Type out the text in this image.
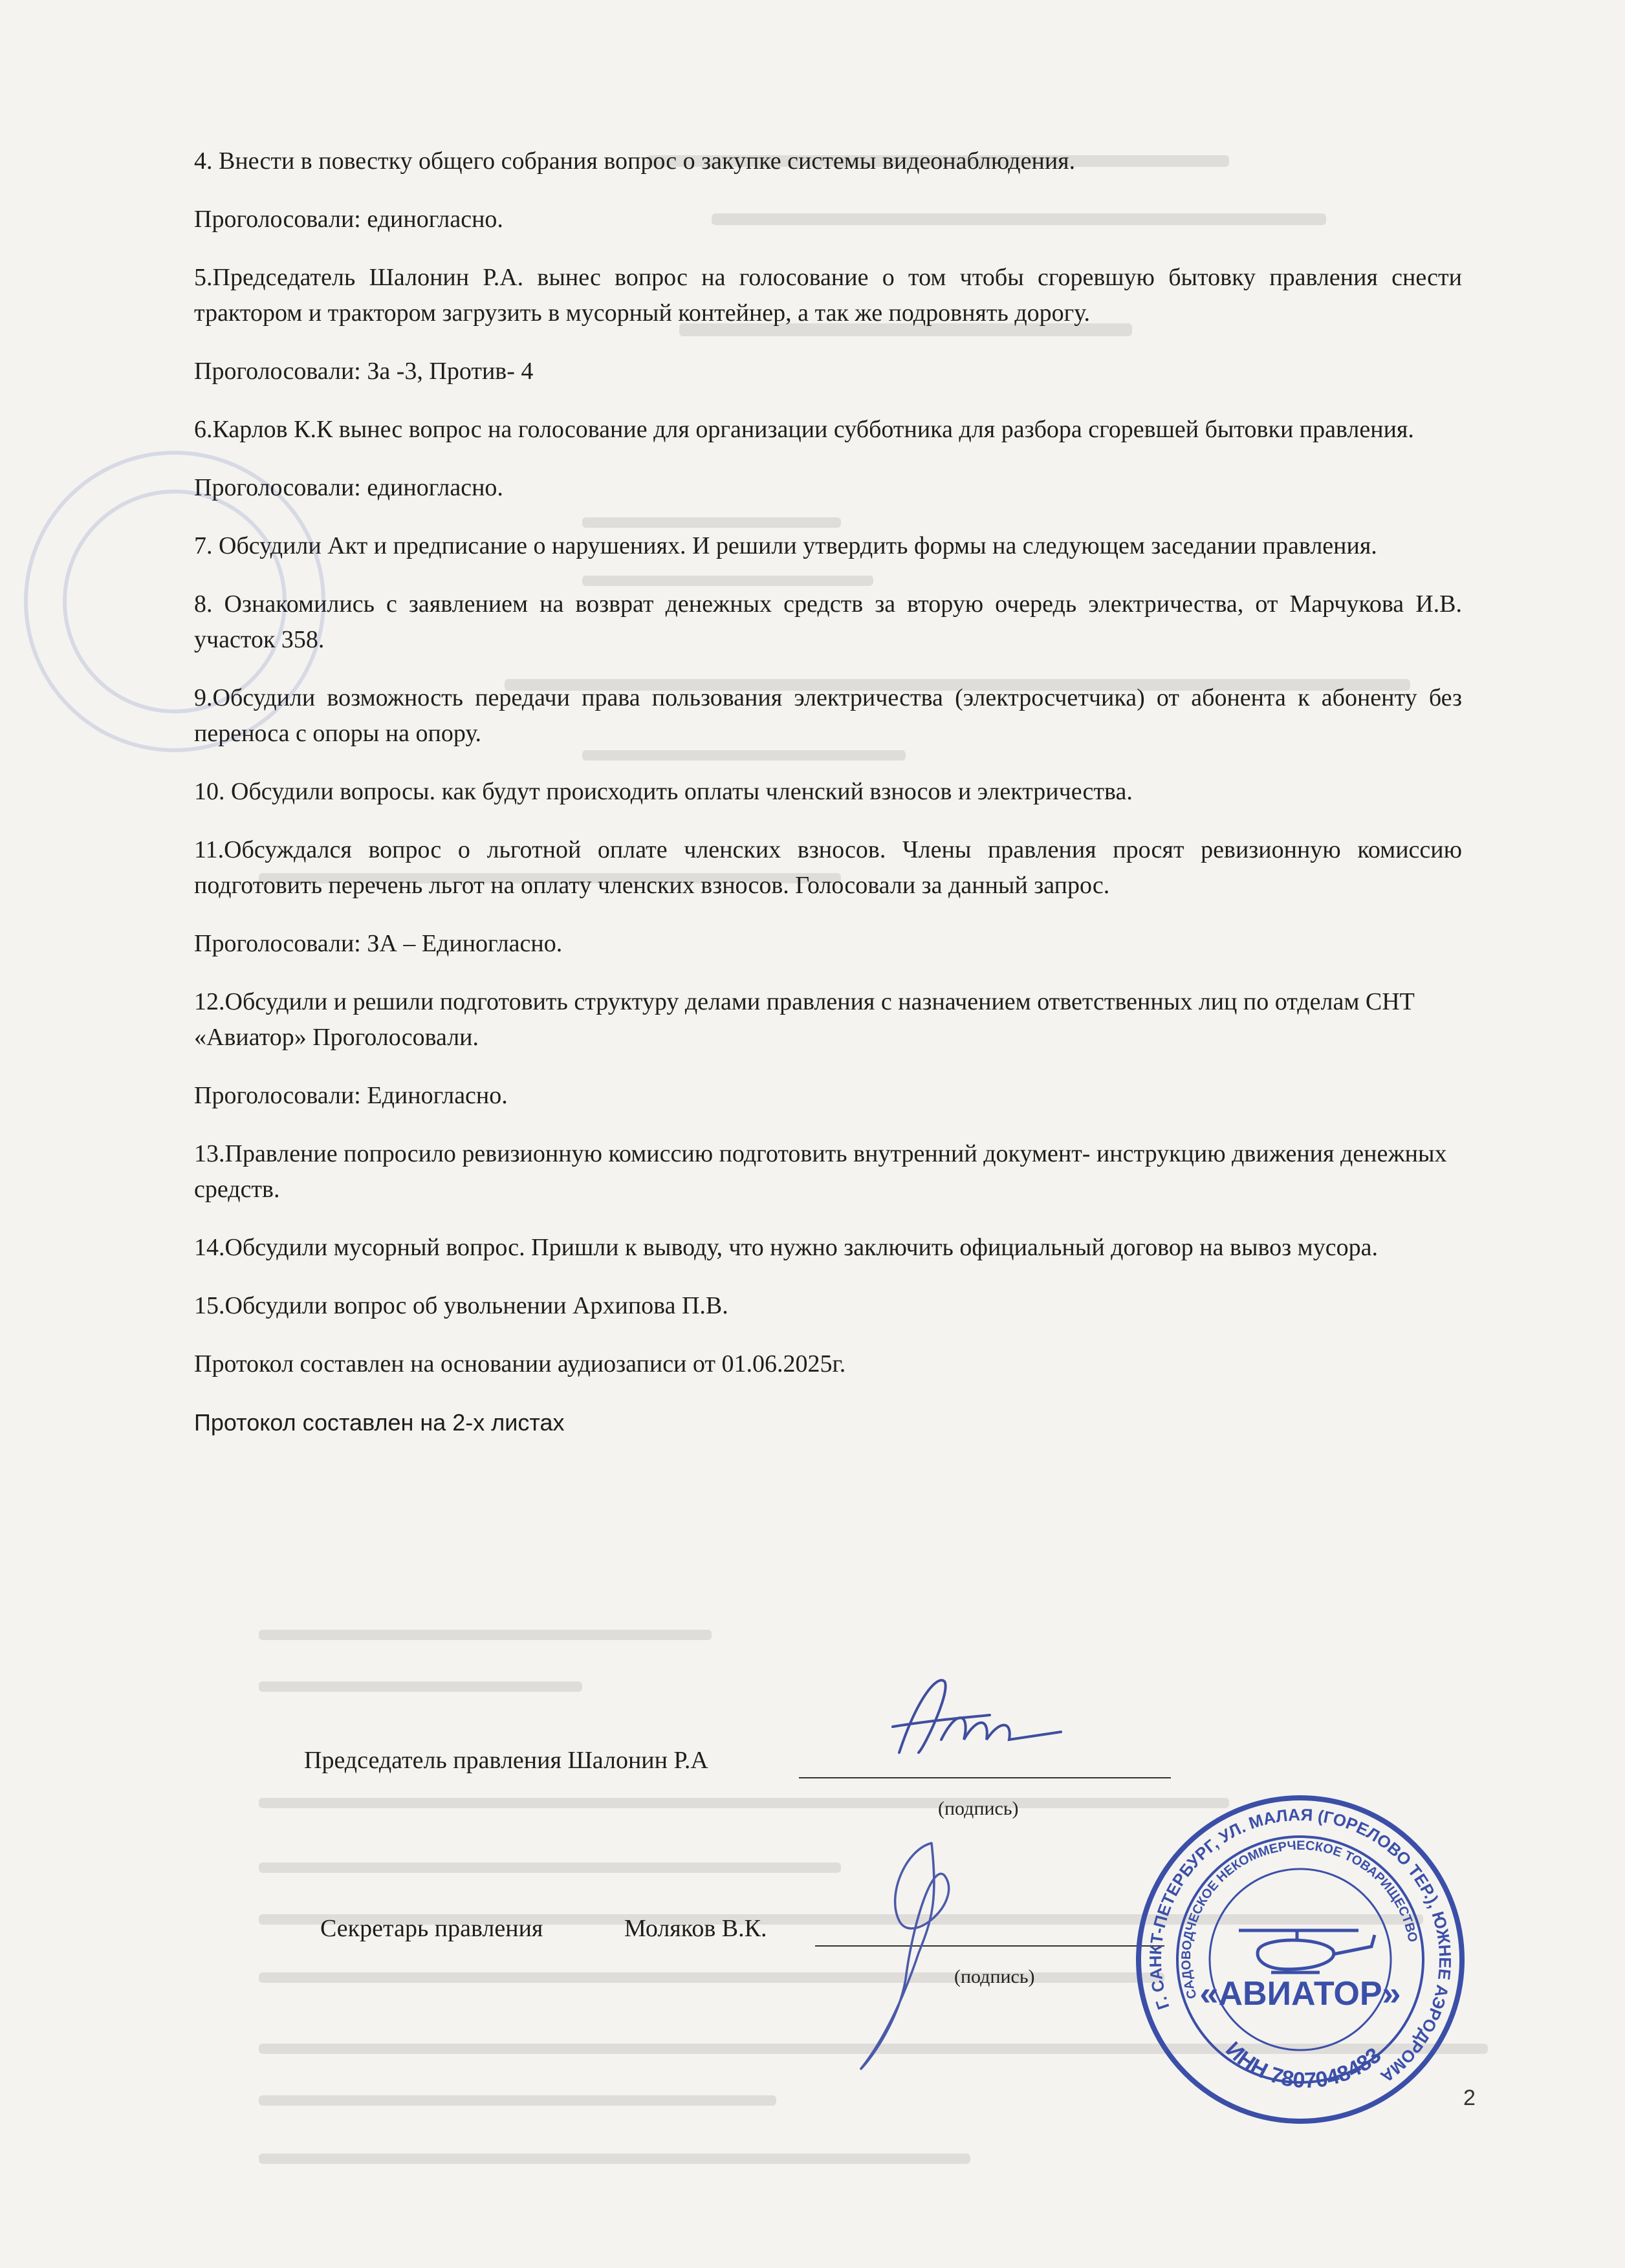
4. Внести в повестку общего собрания вопрос о закупке системы видеонаблюдения.

Проголосовали: единогласно.

5.Председатель Шалонин Р.А. вынес вопрос на голосование о том чтобы сгоревшую бытовку правления снести трактором и трактором загрузить в мусорный контейнер, а так же подровнять дорогу.

Проголосовали: За -3, Против- 4

6.Карлов К.К вынес вопрос на голосование для организации субботника для разбора сгоревшей бытовки правления.

Проголосовали: единогласно.

7. Обсудили Акт и предписание о нарушениях. И решили утвердить формы на следующем заседании правления.

8. Ознакомились с заявлением на возврат денежных средств за вторую очередь электричества, от Марчукова И.В. участок 358.

9.Обсудили возможность передачи права пользования электричества (электросчетчика) от абонента к абоненту без переноса с опоры на опору.

10. Обсудили вопросы. как будут происходить оплаты членский взносов и электричества.

11.Обсуждался вопрос о льготной оплате членских взносов. Члены правления просят ревизионную комиссию подготовить перечень льгот на оплату членских взносов. Голосовали за данный запрос.

Проголосовали: ЗА – Единогласно.

12.Обсудили и решили подготовить структуру делами правления с назначением ответственных лиц по отделам СНТ «Авиатор» Проголосовали.

Проголосовали: Единогласно.

13.Правление попросило ревизионную комиссию подготовить внутренний документ- инструкцию движения денежных средств.

14.Обсудили мусорный вопрос. Пришли к выводу, что нужно заключить официальный договор на вывоз мусора.

15.Обсудили вопрос об увольнении Архипова П.В.

Протокол составлен на основании аудиозаписи от 01.06.2025г.

Протокол составлен на 2-х листах

Председатель правления Шалонин Р.А
(подпись)
Секретарь правления	Моляков В.К.
(подпись)
Г. САНКТ-ПЕТЕРБУРГ, УЛ. МАЛАЯ (ГОРЕЛОВО ТЕР.), ЮЖНЕЕ АЭРОДРОМА
САДОВОДЧЕСКОЕ НЕКОММЕРЧЕСКОЕ ТОВАРИЩЕСТВО
ИНН 7807048483
«АВИАТОР»
2
